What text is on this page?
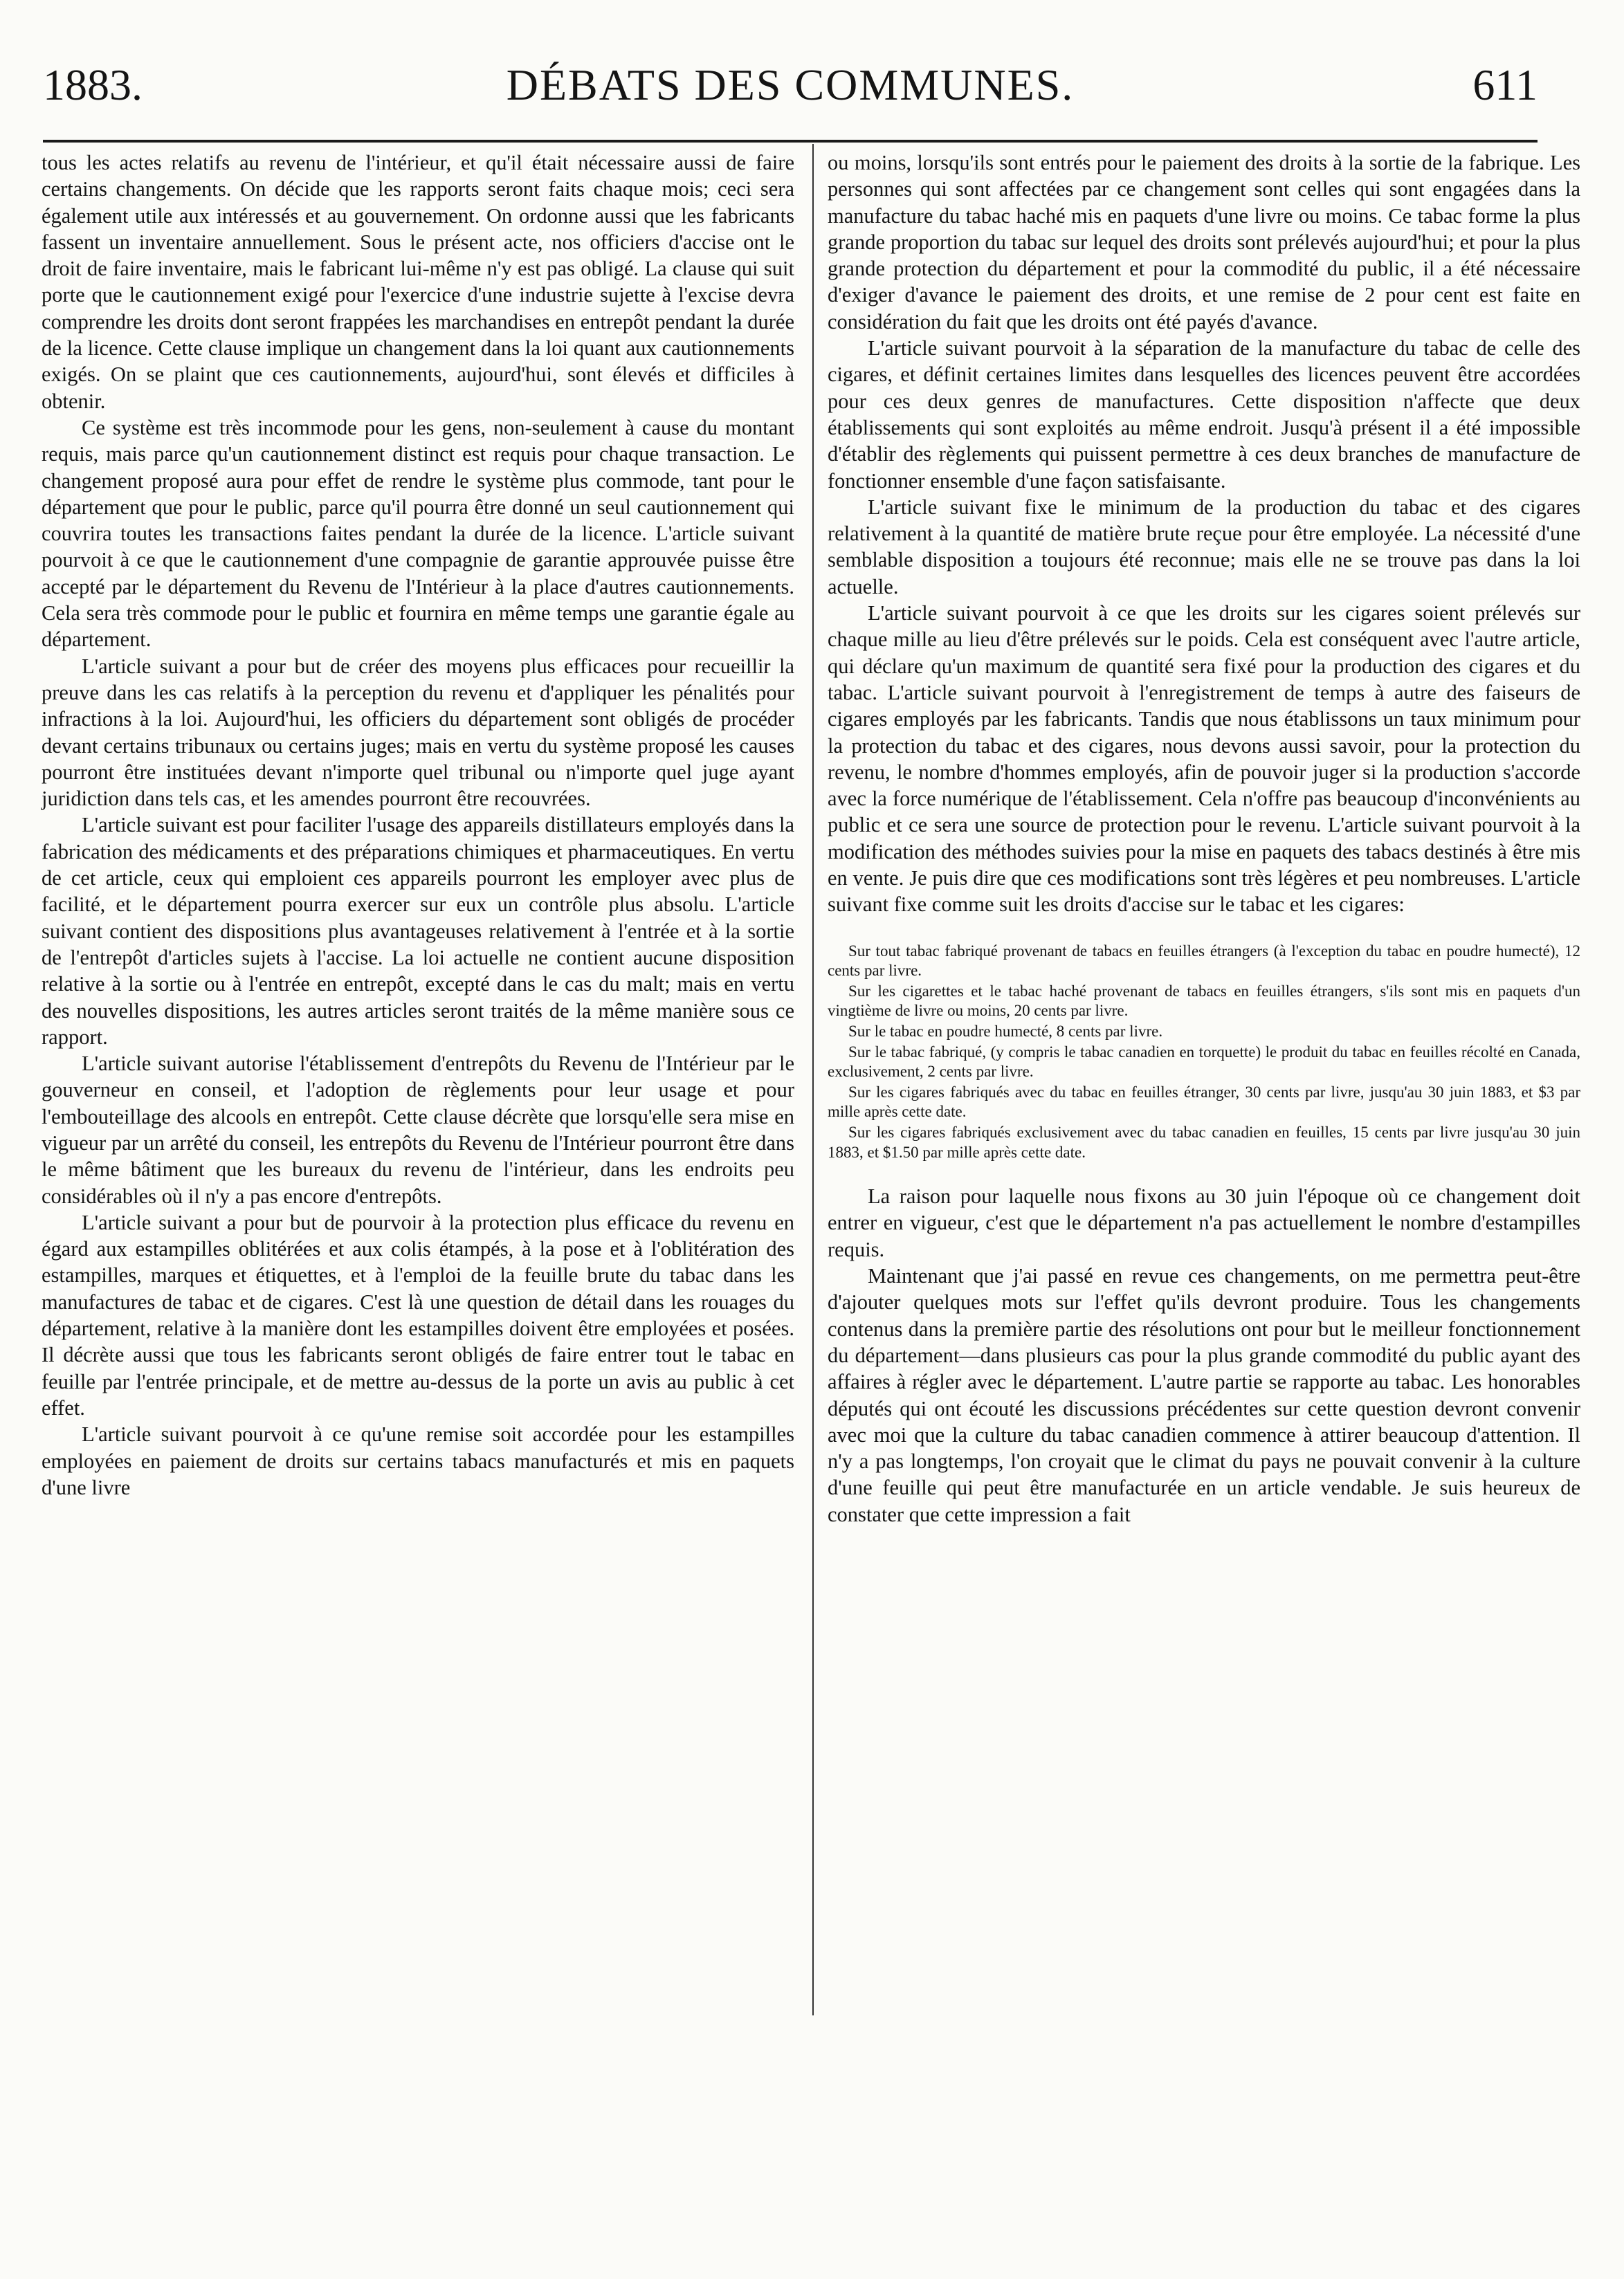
1883.	DÉBATS DES COMMUNES.	611

tous les actes relatifs au revenu de l'intérieur, et qu'il était nécessaire aussi de faire certains changements. On décide que les rapports seront faits chaque mois; ceci sera également utile aux intéressés et au gouvernement. On ordonne aussi que les fabricants fassent un inventaire annuellement. Sous le présent acte, nos officiers d'accise ont le droit de faire inventaire, mais le fabricant lui-même n'y est pas obligé. La clause qui suit porte que le cautionnement exigé pour l'exercice d'une industrie sujette à l'excise devra comprendre les droits dont seront frappées les marchandises en entrepôt pendant la durée de la licence. Cette clause implique un changement dans la loi quant aux cautionnements exigés. On se plaint que ces cautionnements, aujourd'hui, sont élevés et difficiles à obtenir.

Ce système est très incommode pour les gens, non-seulement à cause du montant requis, mais parce qu'un cautionnement distinct est requis pour chaque transaction. Le changement proposé aura pour effet de rendre le système plus commode, tant pour le département que pour le public, parce qu'il pourra être donné un seul cautionnement qui couvrira toutes les transactions faites pendant la durée de la licence. L'article suivant pourvoit à ce que le cautionnement d'une compagnie de garantie approuvée puisse être accepté par le département du Revenu de l'Intérieur à la place d'autres cautionnements. Cela sera très commode pour le public et fournira en même temps une garantie égale au département.

L'article suivant a pour but de créer des moyens plus efficaces pour recueillir la preuve dans les cas relatifs à la perception du revenu et d'appliquer les pénalités pour infractions à la loi. Aujourd'hui, les officiers du département sont obligés de procéder devant certains tribunaux ou certains juges; mais en vertu du système proposé les causes pourront être instituées devant n'importe quel tribunal ou n'importe quel juge ayant juridiction dans tels cas, et les amendes pourront être recouvrées.

L'article suivant est pour faciliter l'usage des appareils distillateurs employés dans la fabrication des médicaments et des préparations chimiques et pharmaceutiques. En vertu de cet article, ceux qui emploient ces appareils pourront les employer avec plus de facilité, et le département pourra exercer sur eux un contrôle plus absolu. L'article suivant contient des dispositions plus avantageuses relativement à l'entrée et à la sortie de l'entrepôt d'articles sujets à l'accise. La loi actuelle ne contient aucune disposition relative à la sortie ou à l'entrée en entrepôt, excepté dans le cas du malt; mais en vertu des nouvelles dispositions, les autres articles seront traités de la même manière sous ce rapport.

L'article suivant autorise l'établissement d'entrepôts du Revenu de l'Intérieur par le gouverneur en conseil, et l'adoption de règlements pour leur usage et pour l'embouteillage des alcools en entrepôt. Cette clause décrète que lorsqu'elle sera mise en vigueur par un arrêté du conseil, les entrepôts du Revenu de l'Intérieur pourront être dans le même bâtiment que les bureaux du revenu de l'intérieur, dans les endroits peu considérables où il n'y a pas encore d'entrepôts.

L'article suivant a pour but de pourvoir à la protection plus efficace du revenu en égard aux estampilles oblitérées et aux colis étampés, à la pose et à l'oblitération des estampilles, marques et étiquettes, et à l'emploi de la feuille brute du tabac dans les manufactures de tabac et de cigares. C'est là une question de détail dans les rouages du département, relative à la manière dont les estampilles doivent être employées et posées. Il décrète aussi que tous les fabricants seront obligés de faire entrer tout le tabac en feuille par l'entrée principale, et de mettre au-dessus de la porte un avis au public à cet effet.

L'article suivant pourvoit à ce qu'une remise soit accordée pour les estampilles employées en paiement de droits sur certains tabacs manufacturés et mis en paquets d'une livre

ou moins, lorsqu'ils sont entrés pour le paiement des droits à la sortie de la fabrique. Les personnes qui sont affectées par ce changement sont celles qui sont engagées dans la manufacture du tabac haché mis en paquets d'une livre ou moins. Ce tabac forme la plus grande proportion du tabac sur lequel des droits sont prélevés aujourd'hui; et pour la plus grande protection du département et pour la commodité du public, il a été nécessaire d'exiger d'avance le paiement des droits, et une remise de 2 pour cent est faite en considération du fait que les droits ont été payés d'avance.

L'article suivant pourvoit à la séparation de la manufacture du tabac de celle des cigares, et définit certaines limites dans lesquelles des licences peuvent être accordées pour ces deux genres de manufactures. Cette disposition n'affecte que deux établissements qui sont exploités au même endroit. Jusqu'à présent il a été impossible d'établir des règlements qui puissent permettre à ces deux branches de manufacture de fonctionner ensemble d'une façon satisfaisante.

L'article suivant fixe le minimum de la production du tabac et des cigares relativement à la quantité de matière brute reçue pour être employée. La nécessité d'une semblable disposition a toujours été reconnue; mais elle ne se trouve pas dans la loi actuelle.

L'article suivant pourvoit à ce que les droits sur les cigares soient prélevés sur chaque mille au lieu d'être prélevés sur le poids. Cela est conséquent avec l'autre article, qui déclare qu'un maximum de quantité sera fixé pour la production des cigares et du tabac. L'article suivant pourvoit à l'enregistrement de temps à autre des faiseurs de cigares employés par les fabricants. Tandis que nous établissons un taux minimum pour la protection du tabac et des cigares, nous devons aussi savoir, pour la protection du revenu, le nombre d'hommes employés, afin de pouvoir juger si la production s'accorde avec la force numérique de l'établissement. Cela n'offre pas beaucoup d'inconvénients au public et ce sera une source de protection pour le revenu. L'article suivant pourvoit à la modification des méthodes suivies pour la mise en paquets des tabacs destinés à être mis en vente. Je puis dire que ces modifications sont très légères et peu nombreuses. L'article suivant fixe comme suit les droits d'accise sur le tabac et les cigares:

Sur tout tabac fabriqué provenant de tabacs en feuilles étrangers (à l'exception du tabac en poudre humecté), 12 cents par livre.
Sur les cigarettes et le tabac haché provenant de tabacs en feuilles étrangers, s'ils sont mis en paquets d'un vingtième de livre ou moins, 20 cents par livre.
Sur le tabac en poudre humecté, 8 cents par livre.
Sur le tabac fabriqué, (y compris le tabac canadien en torquette) le produit du tabac en feuilles récolté en Canada, exclusivement, 2 cents par livre.
Sur les cigares fabriqués avec du tabac en feuilles étranger, 30 cents par livre, jusqu'au 30 juin 1883, et $3 par mille après cette date.
Sur les cigares fabriqués exclusivement avec du tabac canadien en feuilles, 15 cents par livre jusqu'au 30 juin 1883, et $1.50 par mille après cette date.

La raison pour laquelle nous fixons au 30 juin l'époque où ce changement doit entrer en vigueur, c'est que le département n'a pas actuellement le nombre d'estampilles requis.

Maintenant que j'ai passé en revue ces changements, on me permettra peut-être d'ajouter quelques mots sur l'effet qu'ils devront produire. Tous les changements contenus dans la première partie des résolutions ont pour but le meilleur fonctionnement du département—dans plusieurs cas pour la plus grande commodité du public ayant des affaires à régler avec le département. L'autre partie se rapporte au tabac. Les honorables députés qui ont écouté les discussions précédentes sur cette question devront convenir avec moi que la culture du tabac canadien commence à attirer beaucoup d'attention. Il n'y a pas longtemps, l'on croyait que le climat du pays ne pouvait convenir à la culture d'une feuille qui peut être manufacturée en un article vendable. Je suis heureux de constater que cette impression a fait
